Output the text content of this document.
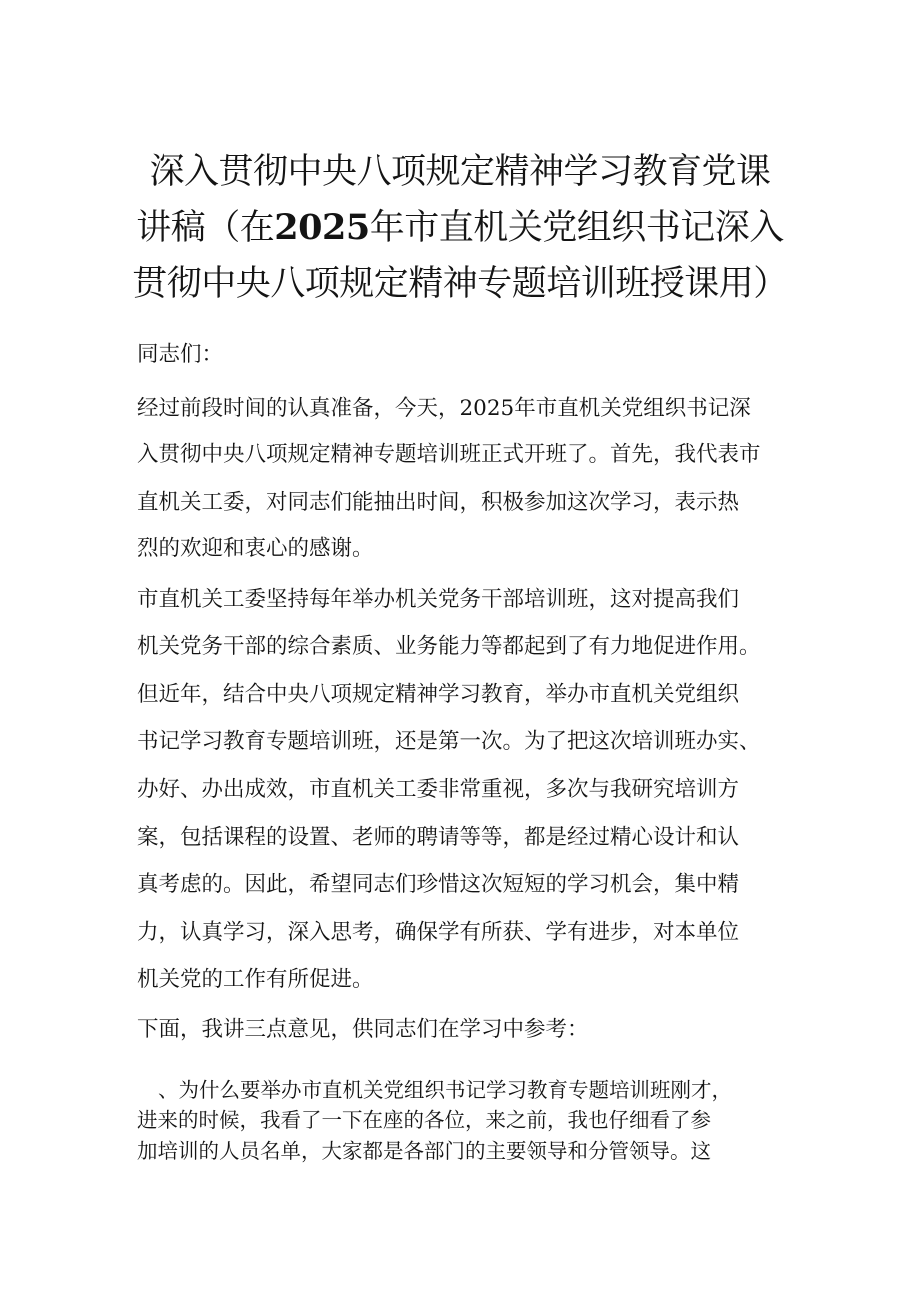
深入贯彻中央八项规定精神学习教育党课
讲稿（在2025年市直机关党组织书记深入
贯彻中央八项规定精神专题培训班授课用）

同志们：

经过前段时间的认真准备，今天，2025年市直机关党组织书记深

入贯彻中央八项规定精神专题培训班正式开班了。首先，我代表市

直机关工委，对同志们能抽出时间，积极参加这次学习，表示热

烈的欢迎和衷心的感谢。

市直机关工委坚持每年举办机关党务干部培训班，这对提高我们

机关党务干部的综合素质、业务能力等都起到了有力地促进作用。

但近年，结合中央八项规定精神学习教育，举办市直机关党组织

书记学习教育专题培训班，还是第一次。为了把这次培训班办实、

办好、办出成效，市直机关工委非常重视，多次与我研究培训方

案，包括课程的设置、老师的聘请等等，都是经过精心设计和认

真考虑的。因此，希望同志们珍惜这次短短的学习机会，集中精

力，认真学习，深入思考，确保学有所获、学有进步，对本单位

机关党的工作有所促进。

下面，我讲三点意见，供同志们在学习中参考：

、为什么要举办市直机关党组织书记学习教育专题培训班刚才，

进来的时候，我看了一下在座的各位，来之前，我也仔细看了参

加培训的人员名单，大家都是各部门的主要领导和分管领导。这
